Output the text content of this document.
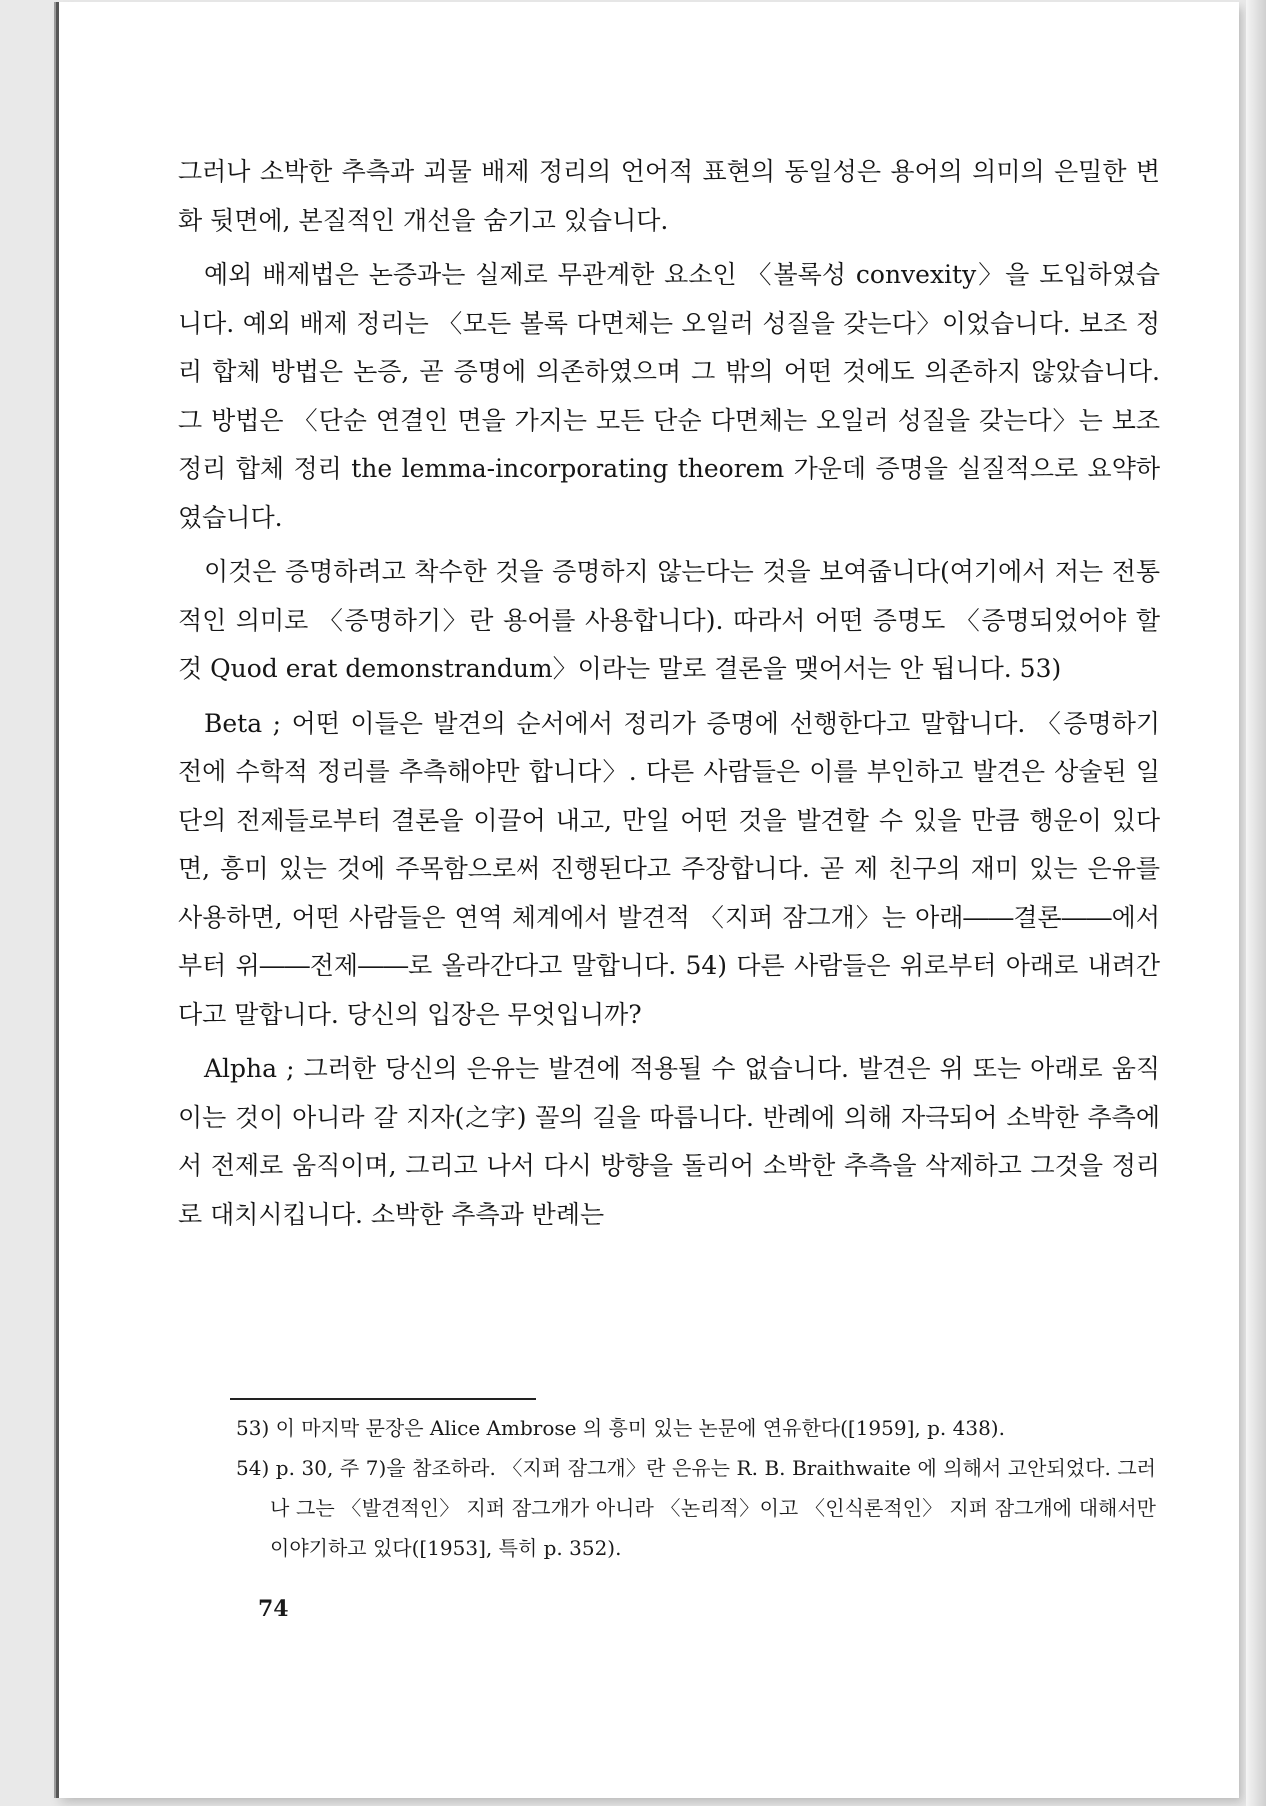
그러나 소박한 추측과 괴물 배제 정리의 언어적 표현의 동일성은 용어의 의미의 은밀한 변화 뒷면에, 본질적인 개선을 숨기고 있습니다.

예외 배제법은 논증과는 실제로 무관계한 요소인 〈볼록성 convexity〉을 도입하였습니다. 예외 배제 정리는 〈모든 볼록 다면체는 오일러 성질을 갖는다〉이었습니다. 보조 정리 합체 방법은 논증, 곧 증명에 의존하였으며 그 밖의 어떤 것에도 의존하지 않았습니다. 그 방법은 〈단순 연결인 면을 가지는 모든 단순 다면체는 오일러 성질을 갖는다〉는 보조 정리 합체 정리 the lemma-incorporating theorem 가운데 증명을 실질적으로 요약하였습니다.

이것은 증명하려고 착수한 것을 증명하지 않는다는 것을 보여줍니다(여기에서 저는 전통적인 의미로 〈증명하기〉란 용어를 사용합니다). 따라서 어떤 증명도 〈증명되었어야 할 것 Quod erat demonstrandum〉이라는 말로 결론을 맺어서는 안 됩니다. 53)

Beta ; 어떤 이들은 발견의 순서에서 정리가 증명에 선행한다고 말합니다. 〈증명하기 전에 수학적 정리를 추측해야만 합니다〉. 다른 사람들은 이를 부인하고 발견은 상술된 일단의 전제들로부터 결론을 이끌어 내고, 만일 어떤 것을 발견할 수 있을 만큼 행운이 있다면, 흥미 있는 것에 주목함으로써 진행된다고 주장합니다. 곧 제 친구의 재미 있는 은유를 사용하면, 어떤 사람들은 연역 체계에서 발견적 〈지퍼 잠그개〉는 아래――결론――에서부터 위――전제――로 올라간다고 말합니다. 54) 다른 사람들은 위로부터 아래로 내려간다고 말합니다. 당신의 입장은 무엇입니까?

Alpha ; 그러한 당신의 은유는 발견에 적용될 수 없습니다. 발견은 위 또는 아래로 움직이는 것이 아니라 갈 지자(之字) 꼴의 길을 따릅니다. 반례에 의해 자극되어 소박한 추측에서 전제로 움직이며, 그리고 나서 다시 방향을 돌리어 소박한 추측을 삭제하고 그것을 정리로 대치시킵니다. 소박한 추측과 반례는

53) 이 마지막 문장은 Alice Ambrose 의 흥미 있는 논문에 연유한다([1959], p. 438).

54) p. 30, 주 7)을 참조하라. 〈지퍼 잠그개〉란 은유는 R. B. Braithwaite 에 의해서 고안되었다. 그러나 그는 〈발견적인〉 지퍼 잠그개가 아니라 〈논리적〉이고 〈인식론적인〉 지퍼 잠그개에 대해서만 이야기하고 있다([1953], 특히 p. 352).

74
